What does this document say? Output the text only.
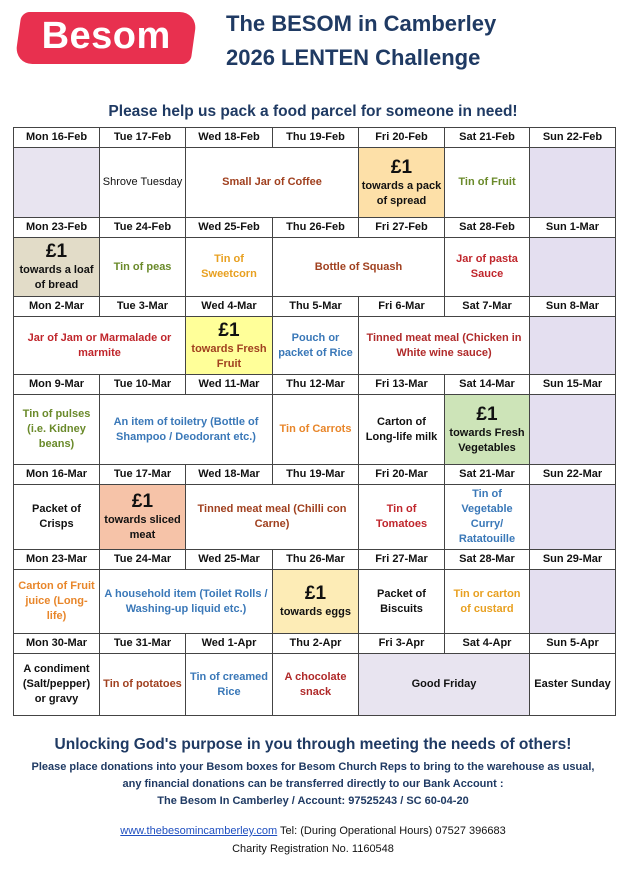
Besom	The BESOM in Camberley
2026 LENTEN Challenge
Please help us pack a food parcel for someone in need!
Mon 16-Feb	Tue 17-Feb	Wed 18-Feb	Thu 19-Feb	Fri 20-Feb	Sat 21-Feb	Sun 22-Feb
	Shrove Tuesday	Small Jar of Coffee		£1
towards a pack of spread	Tin of Fruit	
Mon 23-Feb	Tue 24-Feb	Wed 25-Feb	Thu 26-Feb	Fri 27-Feb	Sat 28-Feb	Sun 1-Mar

£1
towards a loaf of bread	Tin of peas	Tin of Sweetcorn	Bottle of Squash		Jar of pasta Sauce	
Mon 2-Mar	Tue 3-Mar	Wed 4-Mar	Thu 5-Mar	Fri 6-Mar	Sat 7-Mar	Sun 8-Mar
Jar of Jam or Marmalade or marmite		£1
towards Fresh Fruit	Pouch or packet of Rice	Tinned meat meal (Chicken in White wine sauce)		
Mon 9-Mar	Tue 10-Mar	Wed 11-Mar	Thu 12-Mar	Fri 13-Mar	Sat 14-Mar	Sun 15-Mar
Tin of pulses (i.e. Kidney beans)	An item of toiletry (Bottle of Shampoo / Deodorant etc.)		Tin of Carrots	Carton of Long-life milk	£1
towards Fresh Vegetables	
Mon 16-Mar	Tue 17-Mar	Wed 18-Mar	Thu 19-Mar	Fri 20-Mar	Sat 21-Mar	Sun 22-Mar
Packet of Crisps	£1
towards sliced meat	Tinned meat meal (Chilli con Carne)		Tin of Tomatoes	Tin of Vegetable Curry/ Ratatouille	
Mon 23-Mar	Tue 24-Mar	Wed 25-Mar	Thu 26-Mar	Fri 27-Mar	Sat 28-Mar	Sun 29-Mar
Carton of Fruit juice (Long-life)	A household item (Toilet Rolls / Washing-up liquid etc.)		£1
towards eggs	Packet of Biscuits	Tin or carton of custard	
Mon 30-Mar	Tue 31-Mar	Wed 1-Apr	Thu 2-Apr	Fri 3-Apr	Sat 4-Apr	Sun 5-Apr
A condiment (Salt/pepper) or gravy	Tin of potatoes	Tin of creamed Rice	A chocolate snack	Good Friday		Easter Sunday
Unlocking God's purpose in you through meeting the needs of others!
Please place donations into your Besom boxes for Besom Church Reps to bring to the warehouse as usual,
any financial donations can be transferred directly to our Bank Account :
The Besom In Camberley / Account: 97525243 / SC 60-04-20
www.thebesomincamberley.com Tel: (During Operational Hours) 07527 396683
Charity Registration No. 1160548
